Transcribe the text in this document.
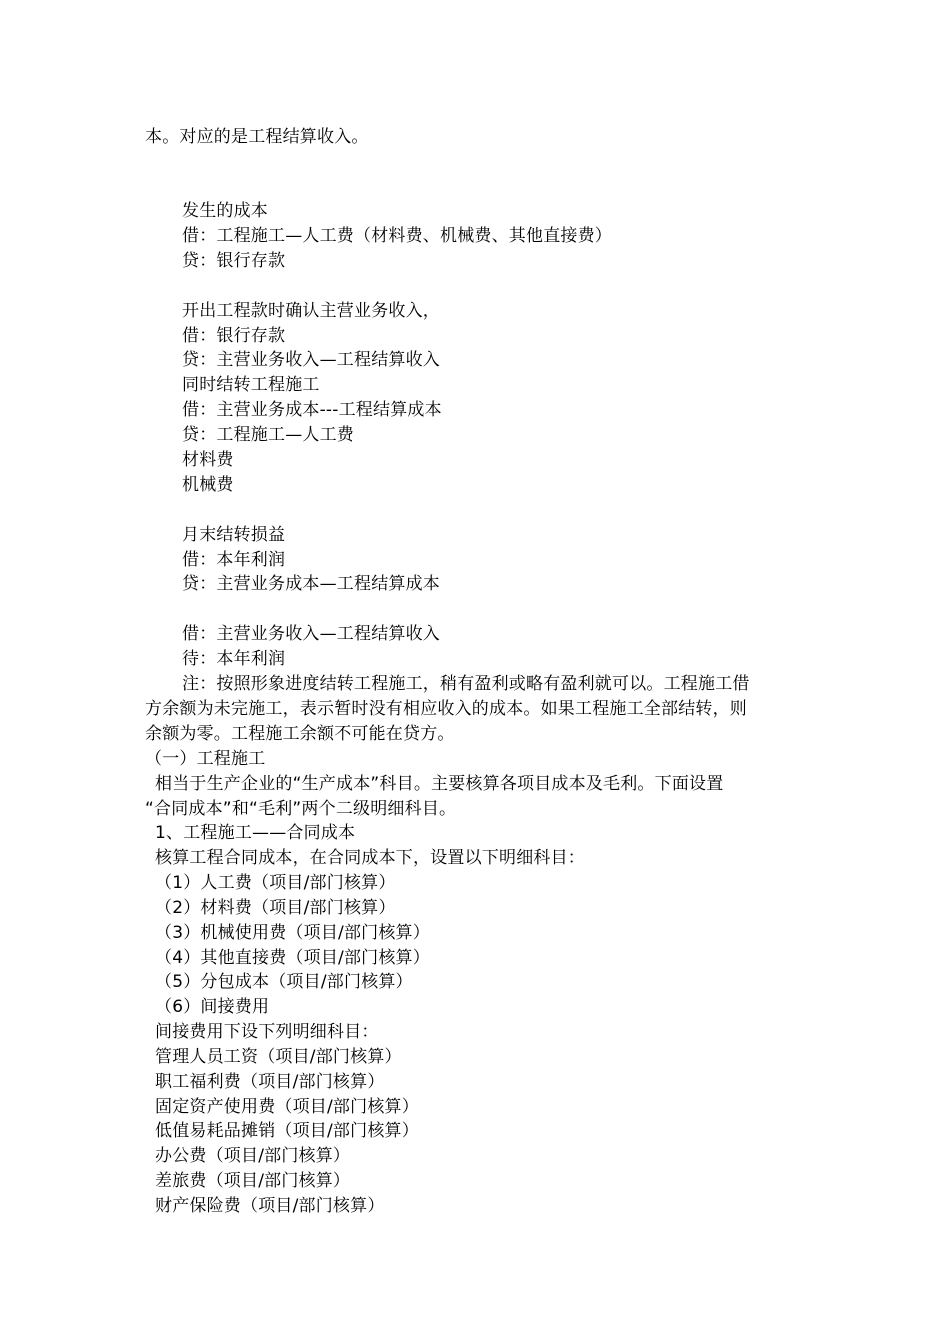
本。对应的是工程结算收入。
发生的成本
借：工程施工—人工费（材料费、机械费、其他直接费）
贷：银行存款
开出工程款时确认主营业务收入，
借：银行存款
贷：主营业务收入—工程结算收入
同时结转工程施工
借：主营业务成本---工程结算成本
贷：工程施工—人工费
材料费
机械费
月末结转损益
借：本年利润
贷：主营业务成本—工程结算成本
借：主营业务收入—工程结算收入
待：本年利润
注：按照形象进度结转工程施工，稍有盈利或略有盈利就可以。工程施工借
方余额为未完施工，表示暂时没有相应收入的成本。如果工程施工全部结转，则
余额为零。工程施工余额不可能在贷方。
（一）工程施工
相当于生产企业的“生产成本”科目。主要核算各项目成本及毛利。下面设置
“合同成本”和“毛利”两个二级明细科目。
1、工程施工——合同成本
核算工程合同成本，在合同成本下，设置以下明细科目：
（1）人工费（项目/部门核算）
（2）材料费（项目/部门核算）
（3）机械使用费（项目/部门核算）
（4）其他直接费（项目/部门核算）
（5）分包成本（项目/部门核算）
（6）间接费用
间接费用下设下列明细科目：
管理人员工资（项目/部门核算）
职工福利费（项目/部门核算）
固定资产使用费（项目/部门核算）
低值易耗品摊销（项目/部门核算）
办公费（项目/部门核算）
差旅费（项目/部门核算）
财产保险费（项目/部门核算）
